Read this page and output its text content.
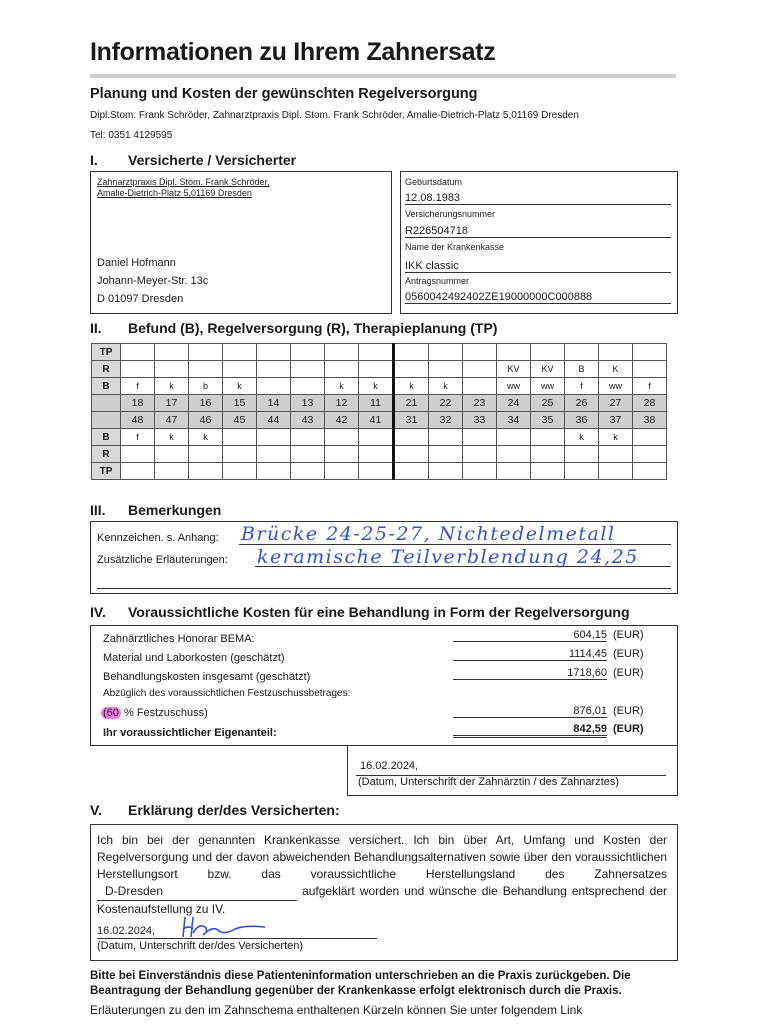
Informationen zu Ihrem Zahnersatz
Planung und Kosten der gewünschten Regelversorgung
Dipl.Stom. Frank Schröder, Zahnarztpraxis Dipl. Stom. Frank Schröder, Amalie-Dietrich-Platz 5,01169 Dresden
Tel: 0351 4129595
I. Versicherte / Versicherter
Zahnarztpraxis Dipl. Stom. Frank Schröder,
Amalie-Dietrich-Platz 5,01169 Dresden
Daniel Hofmann
Johann-Meyer-Str. 13c
D 01097 Dresden
Geburtsdatum
12.08.1983
Versicherungsnummer
R226504718
Name der Krankenkasse
IKK classic
Antragsnummer
0560042492402ZE19000000C000888
II. Befund (B), Regelversorgung (R), Therapieplanung (TP)
TP																
R												KV	KV	B	K	
B	f	k	b	k			k	k	k	k		ww	ww	f	ww	f
	18	17	16	15	14	13	12	11	21	22	23	24	25	26	27	28
	48	47	46	45	44	43	42	41	31	32	33	34	35	36	37	38
B	f	k	k											k	k	
R																
TP																
III. Bemerkungen
Kennzeichen. s. Anhang: Brücke 24-25-27, Nichtedelmetall
Zusätzliche Erläuterungen: keramische Teilverblendung 24,25
IV. Voraussichtliche Kosten für eine Behandlung in Form der Regelversorgung
Zahnärztliches Honorar BEMA:	604,15 (EUR)
Material und Laborkosten (geschätzt)	1114,45 (EUR)
Behandlungskosten insgesamt (geschätzt)	1718,60 (EUR)
Abzüglich des voraussichtlichen Festzuschussbetrages:
(60 % Festzuschuss)	876,01 (EUR)
Ihr voraussichtlicher Eigenanteil:	842,59 (EUR)
16.02.2024,
(Datum, Unterschrift der Zahnärztin / des Zahnarztes)
V. Erklärung der/des Versicherten:
Ich bin bei der genannten Krankenkasse versichert. Ich bin über Art, Umfang und Kosten der Regelversorgung und der davon abweichenden Behandlungsalternativen sowie über den voraussichtlichen Herstellungsort bzw. das voraussichtliche Herstellungsland des Zahnersatzes D-Dresden	aufgeklärt worden und wünsche die Behandlung entsprechend der Kostenaufstellung zu IV.
16.02.2024,
(Datum, Unterschrift der/des Versicherten)
Bitte bei Einverständnis diese Patienteninformation unterschrieben an die Praxis zurückgeben. Die Beantragung der Behandlung gegenüber der Krankenkasse erfolgt elektronisch durch die Praxis.
Erläuterungen zu den im Zahnschema enthaltenen Kürzeln können Sie unter folgendem Link
